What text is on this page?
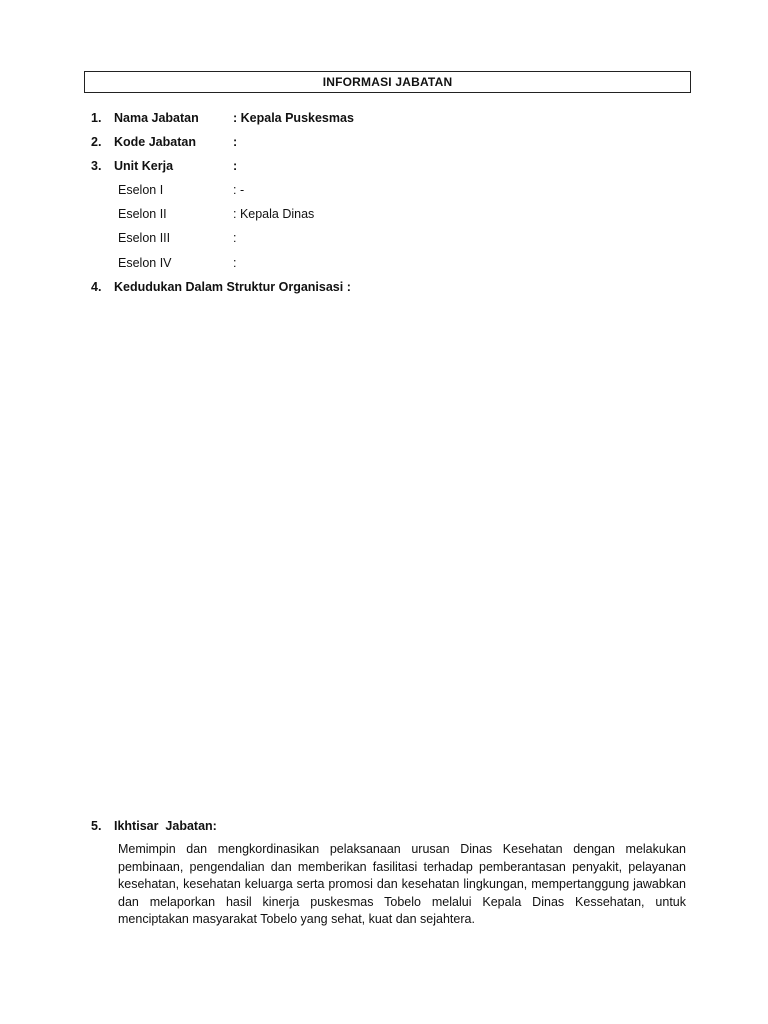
INFORMASI JABATAN
1. Nama Jabatan	: Kepala Puskesmas
2. Kode Jabatan	:
3. Unit Kerja	:
Eselon I	: -
Eselon II	: Kepala Dinas
Eselon III	:
Eselon IV	:
4. Kedudukan Dalam Struktur Organisasi :
5. Ikhtisar  Jabatan:

Memimpin dan mengkordinasikan pelaksanaan urusan Dinas Kesehatan dengan melakukan pembinaan, pengendalian dan memberikan fasilitasi terhadap pemberantasan penyakit, pelayanan kesehatan, kesehatan keluarga serta promosi dan kesehatan lingkungan, mempertanggung jawabkan dan melaporkan hasil kinerja puskesmas Tobelo melalui Kepala Dinas Kessehatan, untuk menciptakan masyarakat Tobelo yang sehat, kuat dan sejahtera.
